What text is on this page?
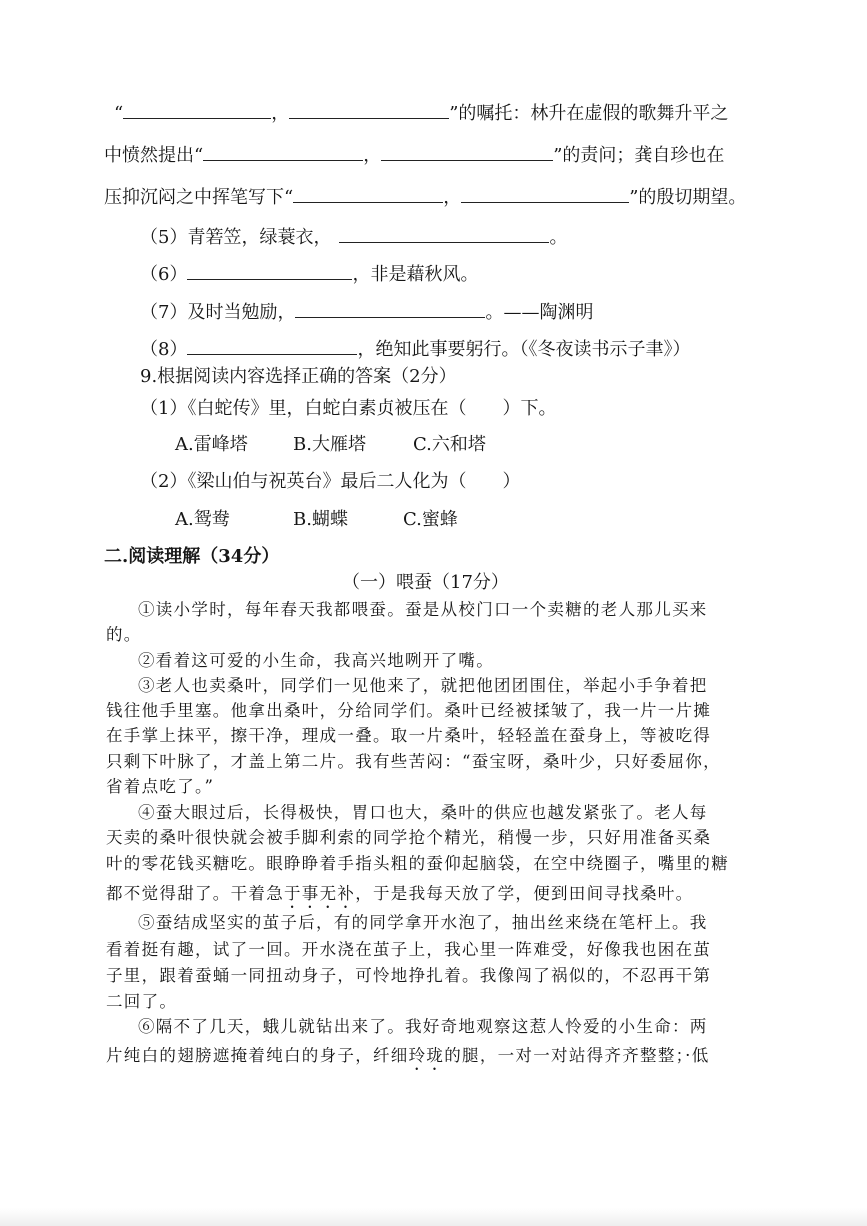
“	，	”的嘱托：林升在虚假的歌舞升平之
中愤然提出“	，	”的责问；龚自珍也在
压抑沉闷之中挥笔写下“	，	”的殷切期望。
（5）青箬笠，绿蓑衣，	。
（6）	，非是藉秋风。
（7）及时当勉励，	。——陶渊明
（8）	，绝知此事要躬行。（《冬夜读书示子聿》）
9.根据阅读内容选择正确的答案（2分）
（1）《白蛇传》里，白蛇白素贞被压在（　　）下。
A.雷峰塔	B.大雁塔	C.六和塔
（2）《梁山伯与祝英台》最后二人化为（　　）
A.鸳鸯	B.蝴蝶	C.蜜蜂
二.阅读理解（34分）
（一）喂蚕（17分）
①读小学时，每年春天我都喂蚕。蚕是从校门口一个卖糖的老人那儿买来
的。
②看着这可爱的小生命，我高兴地咧开了嘴。
③老人也卖桑叶，同学们一见他来了，就把他团团围住，举起小手争着把
钱往他手里塞。他拿出桑叶，分给同学们。桑叶已经被揉皱了，我一片一片摊
在手掌上抹平，擦干净，理成一叠。取一片桑叶，轻轻盖在蚕身上，等被吃得
只剩下叶脉了，才盖上第二片。我有些苦闷：“蚕宝呀，桑叶少，只好委屈你，
省着点吃了。”
④蚕大眼过后，长得极快，胃口也大，桑叶的供应也越发紧张了。老人每
天卖的桑叶很快就会被手脚利索的同学抢个精光，稍慢一步，只好用准备买桑
叶的零花钱买糖吃。眼睁睁着手指头粗的蚕仰起脑袋，在空中绕圈子，嘴里的糖
都不觉得甜了。干着急于事无补，于是我每天放了学，便到田间寻找桑叶。
⑤蚕结成坚实的茧子后，有的同学拿开水泡了，抽出丝来绕在笔杆上。我
看着挺有趣，试了一回。开水浇在茧子上，我心里一阵难受，好像我也困在茧
子里，跟着蚕蛹一同扭动身子，可怜地挣扎着。我像闯了祸似的，不忍再干第
二回了。
⑥隔不了几天，蛾儿就钻出来了。我好奇地观察这惹人怜爱的小生命：两
片纯白的翅膀遮掩着纯白的身子，纤细玲珑的腿，一对一对站得齐齐整整；·低
